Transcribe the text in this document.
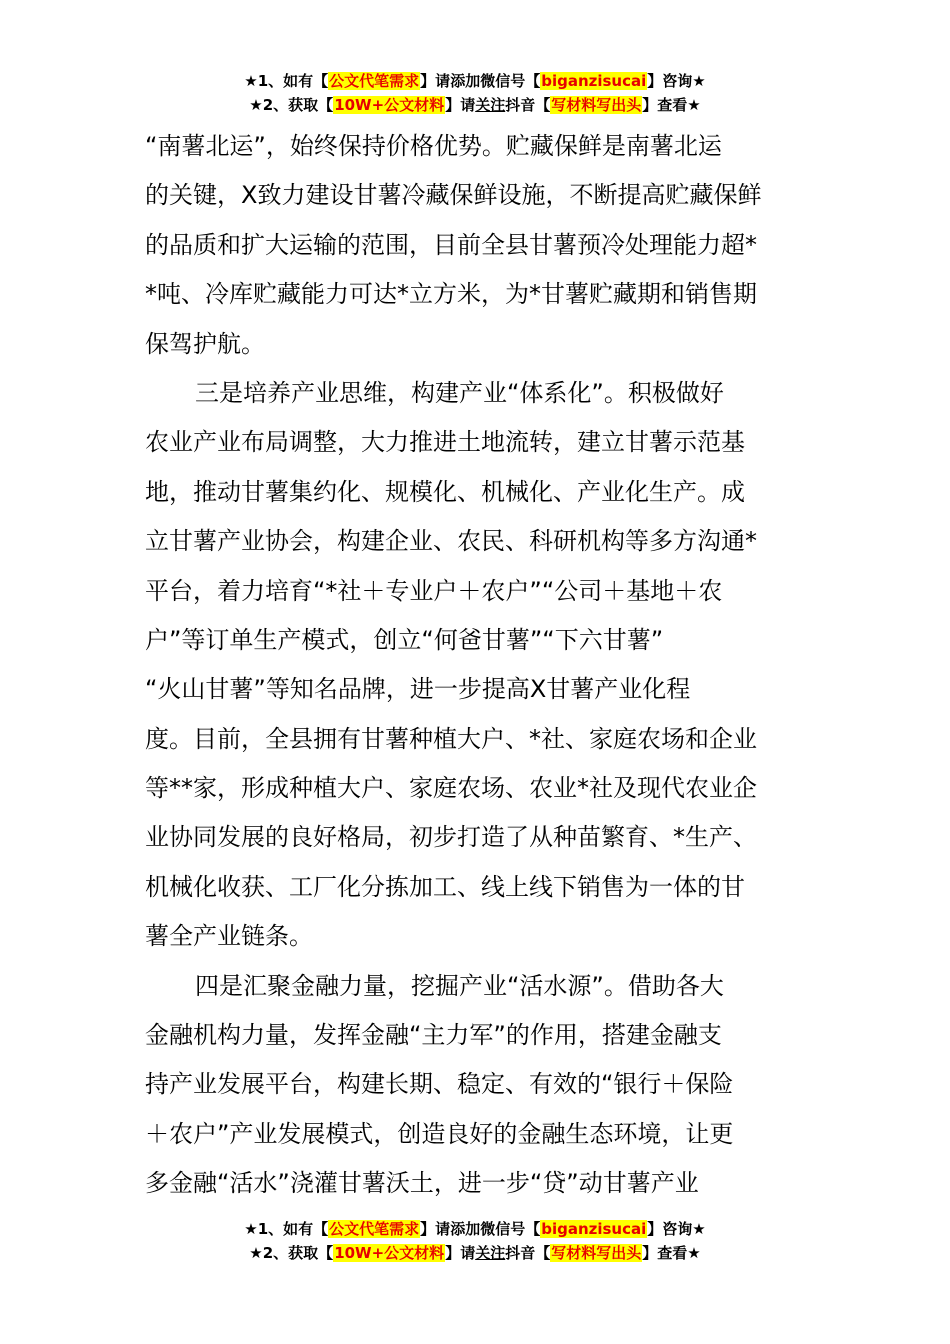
★1、如有【公文代笔需求】请添加微信号【biganzisucai】咨询★
★2、获取【10W+公文材料】请关注抖音【写材料写出头】查看★
“南薯北运”，始终保持价格优势。贮藏保鲜是南薯北运
的关键，X致力建设甘薯冷藏保鲜设施，不断提高贮藏保鲜
的品质和扩大运输的范围，目前全县甘薯预冷处理能力超*
*吨、冷库贮藏能力可达*立方米，为*甘薯贮藏期和销售期
保驾护航。
三是培养产业思维，构建产业“体系化”。积极做好
农业产业布局调整，大力推进土地流转，建立甘薯示范基
地，推动甘薯集约化、规模化、机械化、产业化生产。成
立甘薯产业协会，构建企业、农民、科研机构等多方沟通*
平台，着力培育“*社＋专业户＋农户”“公司＋基地＋农
户”等订单生产模式，创立“何爸甘薯”“下六甘薯”
“火山甘薯”等知名品牌，进一步提高X甘薯产业化程
度。目前，全县拥有甘薯种植大户、*社、家庭农场和企业
等**家，形成种植大户、家庭农场、农业*社及现代农业企
业协同发展的良好格局，初步打造了从种苗繁育、*生产、
机械化收获、工厂化分拣加工、线上线下销售为一体的甘
薯全产业链条。
四是汇聚金融力量，挖掘产业“活水源”。借助各大
金融机构力量，发挥金融“主力军”的作用，搭建金融支
持产业发展平台，构建长期、稳定、有效的“银行＋保险
＋农户”产业发展模式，创造良好的金融生态环境，让更
多金融“活水”浇灌甘薯沃土，进一步“贷”动甘薯产业
★1、如有【公文代笔需求】请添加微信号【biganzisucai】咨询★
★2、获取【10W+公文材料】请关注抖音【写材料写出头】查看★
